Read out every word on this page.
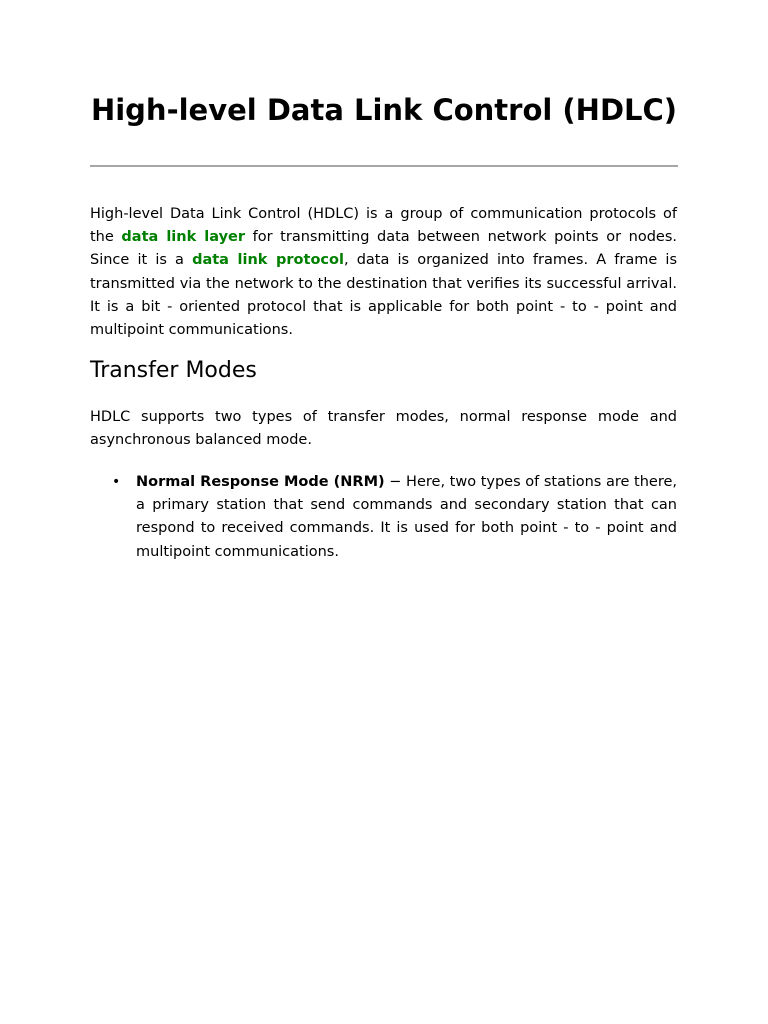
High-level Data Link Control (HDLC)

High-level Data Link Control (HDLC) is a group of communication protocols of the data link layer for transmitting data between network points or nodes. Since it is a data link protocol, data is organized into frames. A frame is transmitted via the network to the destination that verifies its successful arrival. It is a bit - oriented protocol that is applicable for both point - to - point and multipoint communications.

Transfer Modes

HDLC supports two types of transfer modes, normal response mode and asynchronous balanced mode.

• Normal Response Mode (NRM) − Here, two types of stations are there, a primary station that send commands and secondary station that can respond to received commands. It is used for both point - to - point and multipoint communications.
